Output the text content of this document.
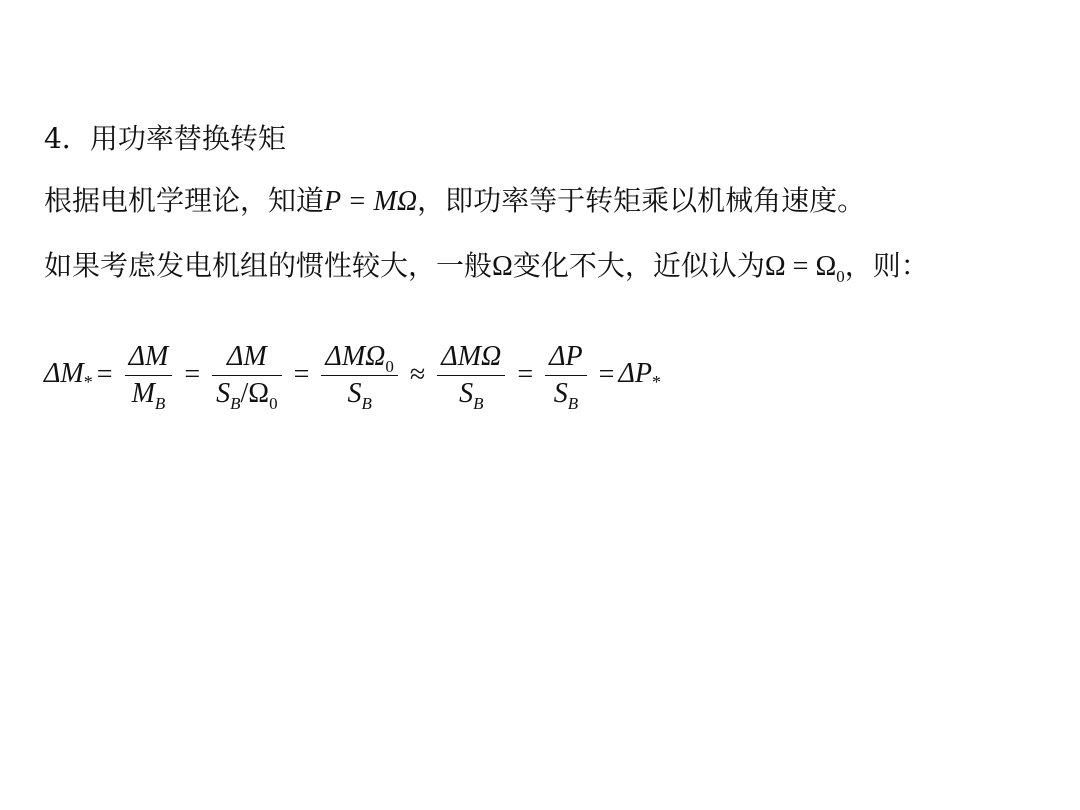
4．用功率替换转矩
根据电机学理论，知道P = MΩ，即功率等于转矩乘以机械角速度。
如果考虑发电机组的惯性较大，一般Ω变化不大，近似认为$\Omega = \Omega_0$，则：
$\Delta M_* = \frac{\Delta M}{M_B} = \frac{\Delta M}{S_B/\Omega_0} = \frac{\Delta M\Omega_0}{S_B} \approx \frac{\text{ΔMΩ}}{S_B} = \frac{\Delta P}{S_B} = \Delta P_*$
